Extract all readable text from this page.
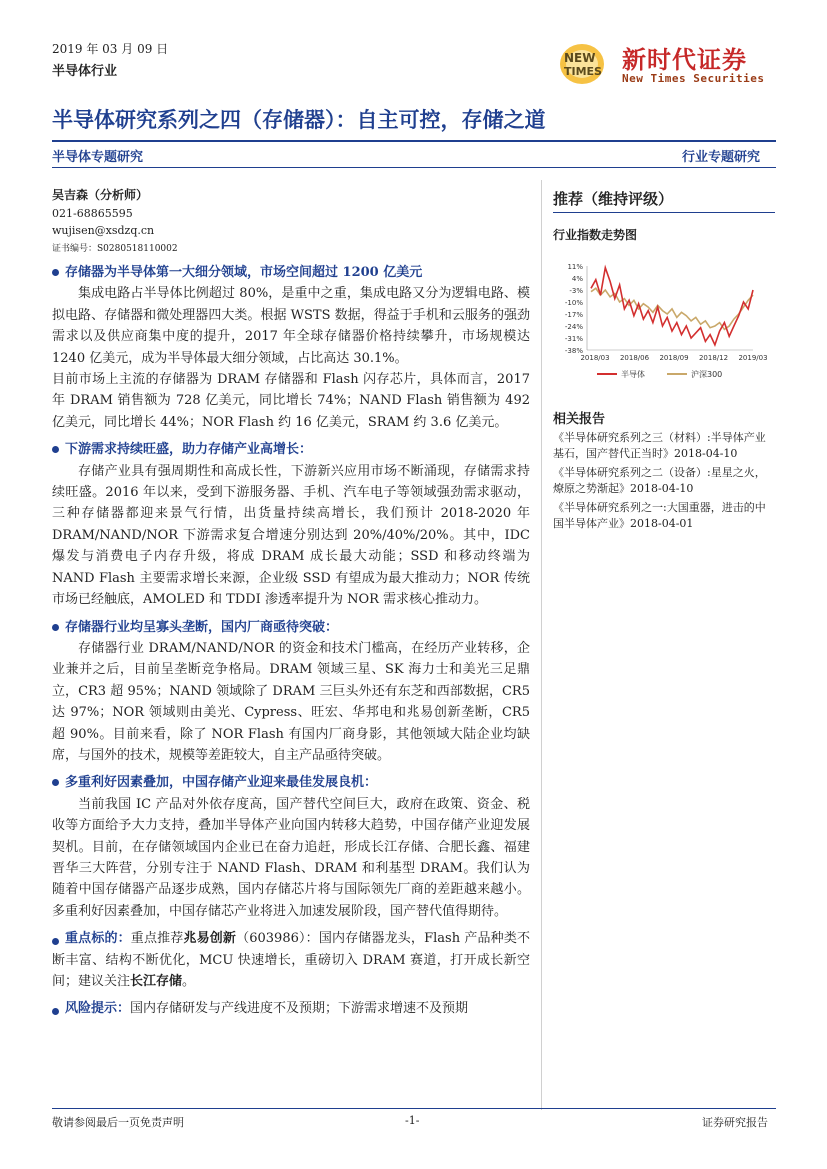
2019 年 03 月 09 日
半导体行业
NEW
TIMES 新时代证券
New Times Securities
半导体研究系列之四（存储器）：自主可控，存储之道
半导体专题研究	行业专题研究
吴吉森（分析师）
021-68865595
wujisen@xsdzq.cn
证书编号：S0280518110002
推荐（维持评级）
行业指数走势图
11%
4%
-3%
-10%
-17%
-24%
-31%
-38%
2018/03 2018/06 2018/09 2018/12 2019/03
半导体	沪深300
相关报告
《半导体研究系列之三（材料）:半导体产业基石，国产替代正当时》2018-04-10
《半导体研究系列之二（设备）:星星之火，燎原之势渐起》2018-04-10
《半导体研究系列之一:大国重器，进击的中国半导体产业》2018-04-01
存储器为半导体第一大细分领域，市场空间超过 1200 亿美元
集成电路占半导体比例超过 80%，是重中之重，集成电路又分为逻辑电路、模拟电路、存储器和微处理器四大类。根据 WSTS 数据，得益于手机和云服务的强劲需求以及供应商集中度的提升，2017 年全球存储器价格持续攀升，市场规模达 1240 亿美元，成为半导体最大细分领域，占比高达 30.1%。
目前市场上主流的存储器为 DRAM 存储器和 Flash 闪存芯片，具体而言，2017 年 DRAM 销售额为 728 亿美元，同比增长 74%；NAND Flash 销售额为 492 亿美元，同比增长 44%；NOR Flash 约 16 亿美元，SRAM 约 3.6 亿美元。
下游需求持续旺盛，助力存储产业高增长：
存储产业具有强周期性和高成长性，下游新兴应用市场不断涌现，存储需求持续旺盛。2016 年以来，受到下游服务器、手机、汽车电子等领域强劲需求驱动，三种存储器都迎来景气行情，出货量持续高增长，我们预计 2018-2020 年 DRAM/NAND/NOR 下游需求复合增速分别达到 20%/40%/20%。其中，IDC 爆发与消费电子内存升级，将成 DRAM 成长最大动能；SSD 和移动终端为 NAND Flash 主要需求增长来源，企业级 SSD 有望成为最大推动力；NOR 传统市场已经触底，AMOLED 和 TDDI 渗透率提升为 NOR 需求核心推动力。
存储器行业均呈寡头垄断，国内厂商亟待突破：
存储器行业 DRAM/NAND/NOR 的资金和技术门槛高，在经历产业转移，企业兼并之后，目前呈垄断竞争格局。DRAM 领域三星、SK 海力士和美光三足鼎立，CR3 超 95%；NAND 领域除了 DRAM 三巨头外还有东芝和西部数据，CR5 达 97%；NOR 领域则由美光、Cypress、旺宏、华邦电和兆易创新垄断，CR5 超 90%。目前来看，除了 NOR Flash 有国内厂商身影，其他领域大陆企业均缺席，与国外的技术，规模等差距较大，自主产品亟待突破。
多重利好因素叠加，中国存储产业迎来最佳发展良机：
当前我国 IC 产品对外依存度高，国产替代空间巨大，政府在政策、资金、税收等方面给予大力支持，叠加半导体产业向国内转移大趋势，中国存储产业迎发展契机。目前，在存储领域国内企业已在奋力追赶，形成长江存储、合肥长鑫、福建晋华三大阵营，分别专注于 NAND Flash、DRAM 和利基型 DRAM。我们认为随着中国存储器产品逐步成熟，国内存储芯片将与国际领先厂商的差距越来越小。多重利好因素叠加，中国存储芯产业将进入加速发展阶段，国产替代值得期待。
重点标的：重点推荐兆易创新（603986）：国内存储器龙头，Flash 产品种类不断丰富、结构不断优化，MCU 快速增长，重磅切入 DRAM 赛道，打开成长新空间；建议关注长江存储。
风险提示：国内存储研发与产线进度不及预期；下游需求增速不及预期
敬请参阅最后一页免责声明	-1-	证券研究报告
